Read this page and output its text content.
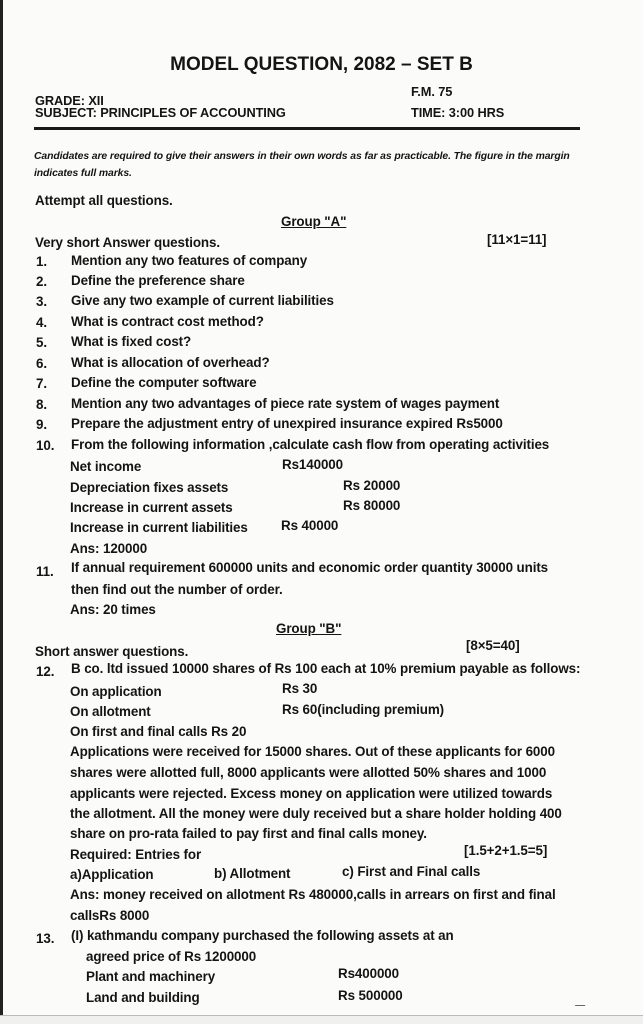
MODEL QUESTION, 2082 – SET B
GRADE: XII
F.M. 75
SUBJECT: PRINCIPLES OF ACCOUNTING	TIME: 3:00 HRS
Candidates are required to give their answers in their own words as far as practicable. The figure in the margin indicates full marks.
Attempt all questions.
Group "A"
Very short Answer questions.	[11×1=11]
1.	Mention any two features of company
2.	Define the preference share
3.	Give any two example of current liabilities
4.	What is contract cost method?
5.	What is fixed cost?
6.	What is allocation of overhead?
7.	Define the computer software
8.	Mention any two advantages of piece rate system of wages payment
9.	Prepare the adjustment entry of unexpired insurance expired Rs5000
10.	From the following information ,calculate cash flow from operating activities
Net income	Rs140000
Depreciation fixes assets	Rs 20000
Increase in current assets	Rs 80000
Increase in current liabilities Rs 40000
Ans: 120000
11.	If annual requirement 600000 units and economic order quantity 30000 units
then find out the number of order.
Ans: 20 times
Group "B"
Short answer questions.	[8×5=40]
12.	B co. ltd issued 10000 shares of Rs 100 each at 10% premium payable as follows:
On application	Rs 30
On allotment	Rs 60(including premium)
On first and final calls Rs 20
Applications were received for 15000 shares. Out of these applicants for 6000
shares were allotted full, 8000 applicants were allotted 50% shares and 1000
applicants were rejected. Excess money on application were utilized towards
the allotment. All the money were duly received but a share holder holding 400
share on pro-rata failed to pay first and final calls money.
Required: Entries for	[1.5+2+1.5=5]
a)Application	b) Allotment	c) First and Final calls
Ans: money received on allotment Rs 480000,calls in arrears on first and final
callsRs 8000
13.	(I) kathmandu company purchased the following assets at an
agreed price of Rs 1200000
Plant and machinery	Rs400000
Land and building	Rs 500000
—
